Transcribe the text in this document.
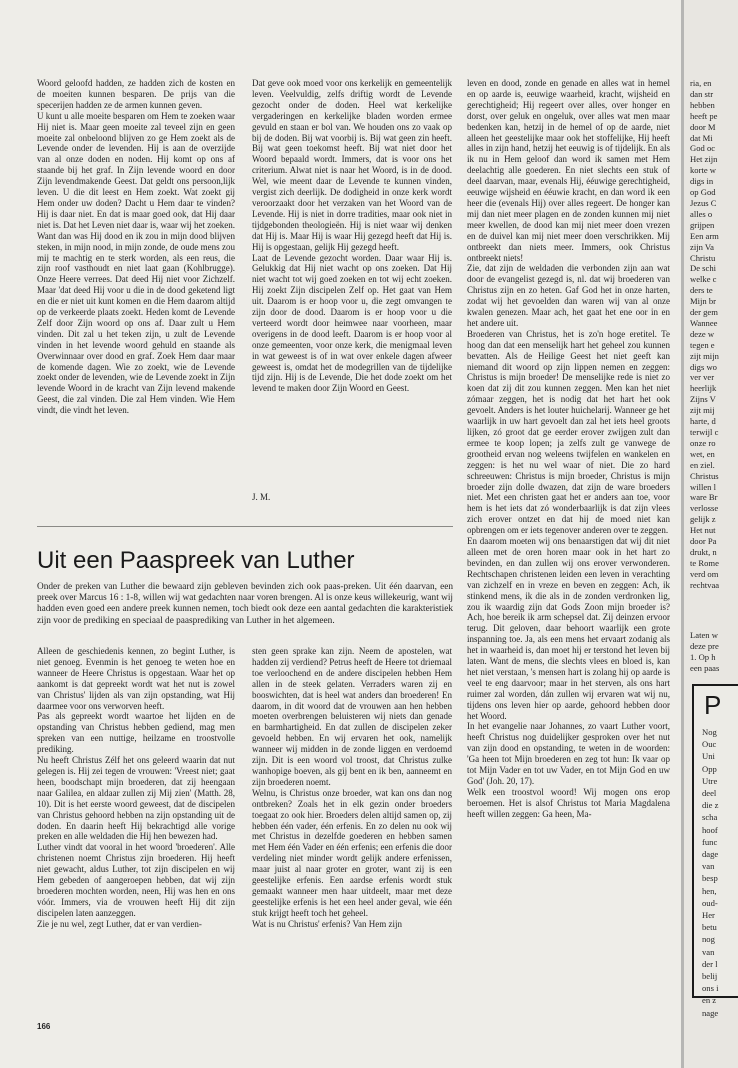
Woord geloofd hadden, ze hadden zich de kosten en de moeiten kunnen besparen. De prijs van die specerijen hadden ze de armen kunnen geven.

U kunt u alle moeite besparen om Hem te zoeken waar Hij niet is. Maar geen moeite zal teveel zijn en geen moeite zal onbeloond blijven zo ge Hem zoekt als de Levende onder de levenden. Hij is aan de overzijde van al onze doden en noden. Hij komt op ons af staande bij het graf. In Zijn levende woord en door Zijn levendmakende Geest. Dat geldt ons persoon,lijk leven. U die dit leest en Hem zoekt. Wat zoekt gij Hem onder uw doden? Dacht u Hem daar te vinden? Hij is daar niet. En dat is maar goed ook, dat Hij daar niet is. Dat het Leven niet daar is, waar wij het zoeken. Want dan was Hij dood en ik zou in mijn dood blijven steken, in mijn nood, in mijn zonde, de oude mens zou mij te machtig en te sterk worden, als een reus, die zijn roof vasthoudt en niet laat gaan (Kohlbrugge). Onze Heere verrees. Dat deed Hij niet voor Zichzelf. Maar 'dat deed Hij voor u die in de dood geketend ligt en die er niet uit kunt komen en die Hem daarom altijd op de verkeerde plaats zoekt. Heden komt de Levende Zelf door Zijn woord op ons af. Daar zult u Hem vinden. Dit zal u het teken zijn, u zult de Levende vinden in het levende woord gehuld en staande als Overwinnaar over dood en graf. Zoek Hem daar maar de komende dagen. Wie zo zoekt, wie de Levende zoekt onder de levenden, wie de Levende zoekt in Zijn levende Woord in de kracht van Zijn levend makende Geest, die zal vinden. Die zal Hem vinden. Wie Hem vindt, die vindt het leven.

Dat geve ook moed voor ons kerkelijk en gemeentelijk leven. Veelvuldig, zelfs driftig wordt de Levende gezocht onder de doden. Heel wat kerkelijke vergaderingen en kerkelijke bladen worden ermee gevuld en staan er bol van. We houden ons zo vaak op bij de doden. Bij wat voorbij is. Bij wat geen zin heeft. Bij wat geen toekomst heeft. Bij wat niet door het Woord bepaald wordt. Immers, dat is voor ons het criterium. Alwat niet is naar het Woord, is in de dood. Wel, wie meent daar de Levende te kunnen vinden, vergist zich deerlijk. De dodigheid in onze kerk wordt veroorzaakt door het verzaken van het Woord van de Levende. Hij is niet in dorre tradities, maar ook niet in tijdgebonden theologieën. Hij is niet waar wij denken dat Hij is. Maar Hij is waar Hij gezegd heeft dat Hij is. Hij is opgestaan, gelijk Hij gezegd heeft.

Laat de Levende gezocht worden. Daar waar Hij is. Gelukkig dat Hij niet wacht op ons zoeken. Dat Hij niet wacht tot wij goed zoeken en tot wij echt zoeken. Hij zoekt Zijn discipelen Zelf op. Het gaat van Hem uit. Daarom is er hoop voor u, die zegt omvangen te zijn door de dood. Daarom is er hoop voor u die verteerd wordt door heimwee naar voorheen, maar overigens in de dood leeft. Daarom is er hoop voor al onze gemeenten, voor onze kerk, die menigmaal leven in wat geweest is of in wat over enkele dagen afweer geweest is, omdat het de modegrillen van de tijdelijke tijd zijn. Hij is de Levende, Die het dode zoekt om het levend te maken door Zijn Woord en Geest.

J. M.

leven en dood, zonde en genade en alles wat in hemel en op aarde is, eeuwige waarheid, kracht, wijsheid en gerechtigheid; Hij regeert over alles, over honger en dorst, over geluk en ongeluk, over alles wat men maar bedenken kan, hetzij in de hemel of op de aarde, niet alleen het geestelijke maar ook het stoffelijke, Hij heeft alles in zijn hand, hetzij het eeuwig is of tijdelijk. En als ik nu in Hem geloof dan word ik samen met Hem deelachtig alle goederen. En niet slechts een stuk of deel daarvan, maar, evenals Hij, ééuwige gerechtigheid, eeuwige wijsheid en ééuwie kracht, en dan word ik een heer die (evenals Hij) over alles regeert. De honger kan mij dan niet meer plagen en de zonden kunnen mij niet meer kwellen, de dood kan mij niet meer doen vrezen en de duivel kan mij niet meer doen verschrikken. Mij ontbreekt dan niets meer. Immers, ook Christus ontbreekt niets!

Zie, dat zijn de weldaden die verbonden zijn aan wat door de evangelist gezegd is, nl. dat wij broederen van Christus zijn en zo heten. Gaf God het in onze harten, zodat wij het gevoelden dan waren wij van al onze kwalen genezen. Maar ach, het gaat het ene oor in en het andere uit.

Broederen van Christus, het is zo'n hoge eretitel. Te hoog dan dat een menselijk hart het geheel zou kunnen bevatten. Als de Heilige Geest het niet geeft kan niemand dit woord op zijn lippen nemen en zeggen: Christus is mijn broeder! De menselijke rede is niet zo koen dat zij dit zou kunnen zeggen. Men kan het niet zómaar zeggen, het is nodig dat het hart het ook gevoelt. Anders is het louter huichelarij. Wanneer ge het waarlijk in uw hart gevoelt dan zal het iets heel groots lijken, zó groot dat ge eerder erover zwijgen zult dan ermee te koop lopen; ja zelfs zult ge vanwege de grootheid ervan nog weleens twijfelen en wankelen en zeggen: is het nu wel waar of niet. Die zo hard schreeuwen: Christus is mijn broeder, Christus is mijn broeder zijn dolle dwazen, dat zijn de ware broeders niet. Met een christen gaat het er anders aan toe, voor hem is het iets dat zó wonderbaarlijk is dat zijn vlees zich erover ontzet en dat hij de moed niet kan opbrengen om er iets tegenover anderen over te zeggen.

En daarom moeten wij ons benaarstigen dat wij dit niet alleen met de oren horen maar ook in het hart zo bevinden, en dan zullen wij ons erover verwonderen. Rechtschapen christenen leiden een leven in verachting van zichzelf en in vreze en beven en zeggen: Ach, ik stinkend mens, ik die als in de zonden verdronken lig, zou ik waardig zijn dat Gods Zoon mijn broeder is? Ach, hoe bereik ik arm schepsel dat. Zij deinzen ervoor terug. Dit geloven, daar behoort waarlijk een grote inspanning toe. Ja, als een mens het ervaart zodanig als het in waarheid is, dan moet hij er terstond het leven bij laten. Want de mens, die slechts vlees en bloed is, kan het niet verstaan, 's mensen hart is zolang hij op aarde is veel te eng daarvoor; maar in het sterven, als ons hart ruimer zal worden, dán zullen wij ervaren wat wij nu, tijdens ons leven hier op aarde, gehoord hebben door het Woord.

In het evangelie naar Johannes, zo vaart Luther voort, heeft Christus nog duidelijker gesproken over het nut van zijn dood en opstanding, te weten in de woorden: 'Ga heen tot Mijn broederen en zeg tot hun: Ik vaar op tot Mijn Vader en tot uw Vader, en tot Mijn God en uw God' (Joh. 20, 17).

Welk een troostvol woord! Wij mogen ons erop beroemen. Het is alsof Christus tot Maria Magdalena heeft willen zeggen: Ga heen, Ma-

Uit een Paaspreek van Luther
Onder de preken van Luther die bewaard zijn gebleven bevinden zich ook paas-preken. Uit één daarvan, een preek over Marcus 16 : 1-8, willen wij wat gedachten naar voren brengen. Al is onze keus willekeurig, want wij hadden even goed een andere preek kunnen nemen, toch biedt ook deze een aantal gedachten die karakteristiek zijn voor de prediking en speciaal de paasprediking van Luther in het algemeen.

Alleen de geschiedenis kennen, zo begint Luther, is niet genoeg. Evenmin is het genoeg te weten hoe en wanneer de Heere Christus is opgestaan. Waar het op aankomt is dat gepreekt wordt wat het nut is zowel van Christus' lijden als van zijn opstanding, wat Hij daarmee voor ons verworven heeft.

Pas als gepreekt wordt waartoe het lijden en de opstanding van Christus hebben gediend, mag men spreken van een nuttige, heilzame en troostvolle prediking.

Nu heeft Christus Zélf het ons geleerd waarin dat nut gelegen is. Hij zei tegen de vrouwen: 'Vreest niet; gaat heen, boodschapt mijn broederen, dat zij heengaan naar Galilea, en aldaar zullen zij Mij zien' (Matth. 28, 10). Dit is het eerste woord geweest, dat de discipelen van Christus gehoord hebben na zijn opstanding uit de doden. En daarin heeft Hij bekrachtigd alle vorige preken en alle weldaden die Hij hen bewezen had.

Luther vindt dat vooral in het woord 'broederen'. Alle christenen noemt Christus zijn broederen. Hij heeft niet gewacht, aldus Luther, tot zijn discipelen en wij Hem gebeden of aangeroepen hebben, dat wij zijn broederen mochten worden, neen, Hij was hen en ons vóór. Immers, via de vrouwen heeft Hij dit zijn discipelen laten aanzeggen.

Zie je nu wel, zegt Luther, dat er van verdien-

sten geen sprake kan zijn. Neem de apostelen, wat hadden zij verdiend? Petrus heeft de Heere tot driemaal toe verloochend en de andere discipelen hebben Hem allen in de steek gelaten. Verraders waren zij en booswichten, dat is heel wat anders dan broederen! En daarom, in dit woord dat de vrouwen aan hen hebben moeten overbrengen beluisteren wij niets dan genade en barmhartigheid. En dat zullen de discipelen zeker gevoeld hebben. En wij ervaren het ook, namelijk wanneer wij midden in de zonde liggen en verdoemd zijn. Dit is een woord vol troost, dat Christus zulke wanhopige boeven, als gij bent en ik ben, aanneemt en zijn broederen noemt.

Welnu, is Christus onze broeder, wat kan ons dan nog ontbreken? Zoals het in elk gezin onder broeders toegaat zo ook hier. Broeders delen altijd samen op, zij hebben één vader, één erfenis. En zo delen nu ook wij met Christus in dezelfde goederen en hebben samen met Hem één Vader en één erfenis; een erfenis die door verdeling niet minder wordt gelijk andere erfenissen, maar juist al naar groter en groter, want zij is een geestelijke erfenis. Een aardse erfenis wordt stuk gemaakt wanneer men haar uitdeelt, maar met deze geestelijke erfenis is het een heel ander geval, wie één stuk krijgt heeft toch het geheel.

Wat is nu Christus' erfenis? Van Hem zijn

166

ria, en

dan str

hebben

heeft pe

door M

dat Mi

God oc

Het zijn

korte w

digs in

op God

Jezus C

alles o

grijpen

Een arm

zijn Va

Christu

De schi

welke c

ders te

Mijn br

der gem

Wannee

deze w

tegen e

zijt mijn

digs wo

ver ver

heerlijk

Zijns V

zijt mij

harte, d

terwijl c

onze ro

wet, en

en ziel.

Christus

willen l

ware Br

verlosse

gelijk z

Het nut

door Pa

drukt, n

te Rome

verd om

rechtvaa

Laten w

deze pre

1. Op h

een paas

P

Nog

Ouc

Uni

Opp

Utre

deel

die z

scha

hoof

func

dage

van

besp

hen,

oud-

Her

betu

nog

van

der l

belij

ons i

en z

nage
